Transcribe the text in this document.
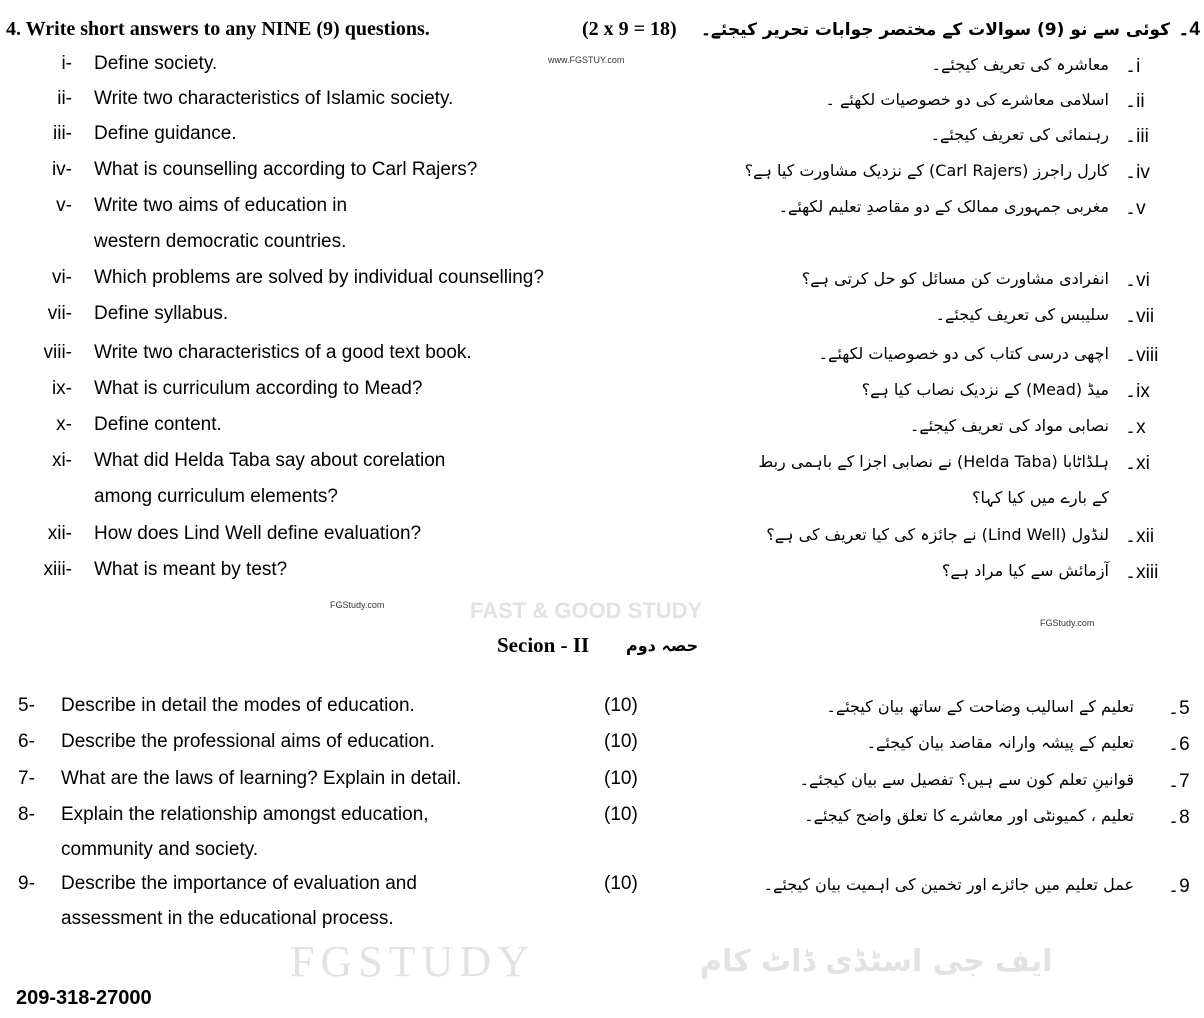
FGSTUDY
FAST & GOOD STUDY
ایف جی اسٹڈی ڈاٹ کام
www.FGSTUY.com
FGStudy.com
FGStudy.com
4. Write short answers to any NINE (9) questions.	(2 x 9 = 18) کوئی سے نو (9) سوالات کے مختصر جوابات تحریر کیجئے۔ 4۔
i- Define society.	معاشرہ کی تعریف کیجئے۔ i۔
ii- Write two characteristics of Islamic society.	اسلامی معاشرے کی دو خصوصیات لکھئے ۔ ii۔
iii- Define guidance.	رہنمائی کی تعریف کیجئے۔ iii۔
iv- What is counselling according to Carl Rajers?	کارل راجرز (Carl Rajers) کے نزدیک مشاورت کیا ہے؟ iv۔
v- Write two aims of education in
western democratic countries.
مغربی جمہوری ممالک کے دو مقاصدِ تعلیم لکھئے۔ v۔
vi- Which problems are solved by individual counselling?	انفرادی مشاورت کن مسائل کو حل کرتی ہے؟ vi۔
vii- Define syllabus.	سلیبس کی تعریف کیجئے۔ vii۔
viii- Write two characteristics of a good text book.	اچھی درسی کتاب کی دو خصوصیات لکھئے۔ viii۔
ix- What is curriculum according to Mead?	میڈ (Mead) کے نزدیک نصاب کیا ہے؟ ix۔
x- Define content.	نصابی مواد کی تعریف کیجئے۔ x۔
xi- What did Helda Taba say about corelation
among curriculum elements?
ہلڈاٹابا (Helda Taba) نے نصابی اجزا کے باہمی ربط
کے بارے میں کیا کہا؟
xi۔
xii- How does Lind Well define evaluation?	لنڈول (Lind Well) نے جائزہ کی کیا تعریف کی ہے؟ xii۔
xiii- What is meant by test?	آزمائش سے کیا مراد ہے؟ xiii۔
Secion - II حصہ دوم
5- Describe in detail the modes of education.	(10)	تعلیم کے اسالیب وضاحت کے ساتھ بیان کیجئے۔ 5۔
6- Describe the professional aims of education.	(10)	تعلیم کے پیشہ وارانہ مقاصد بیان کیجئے۔ 6۔
7- What are the laws of learning? Explain in detail.	(10)	قوانینِ تعلم کون سے ہیں؟ تفصیل سے بیان کیجئے۔ 7۔
8- Explain the relationship amongst education,
community and society.
(10)	تعلیم ، کمیونٹی اور معاشرے کا تعلق واضح کیجئے۔ 8۔
9- Describe the importance of evaluation and
assessment in the educational process.
(10)	عمل تعلیم میں جائزے اور تخمین کی اہمیت بیان کیجئے۔ 9۔
209-318-27000
